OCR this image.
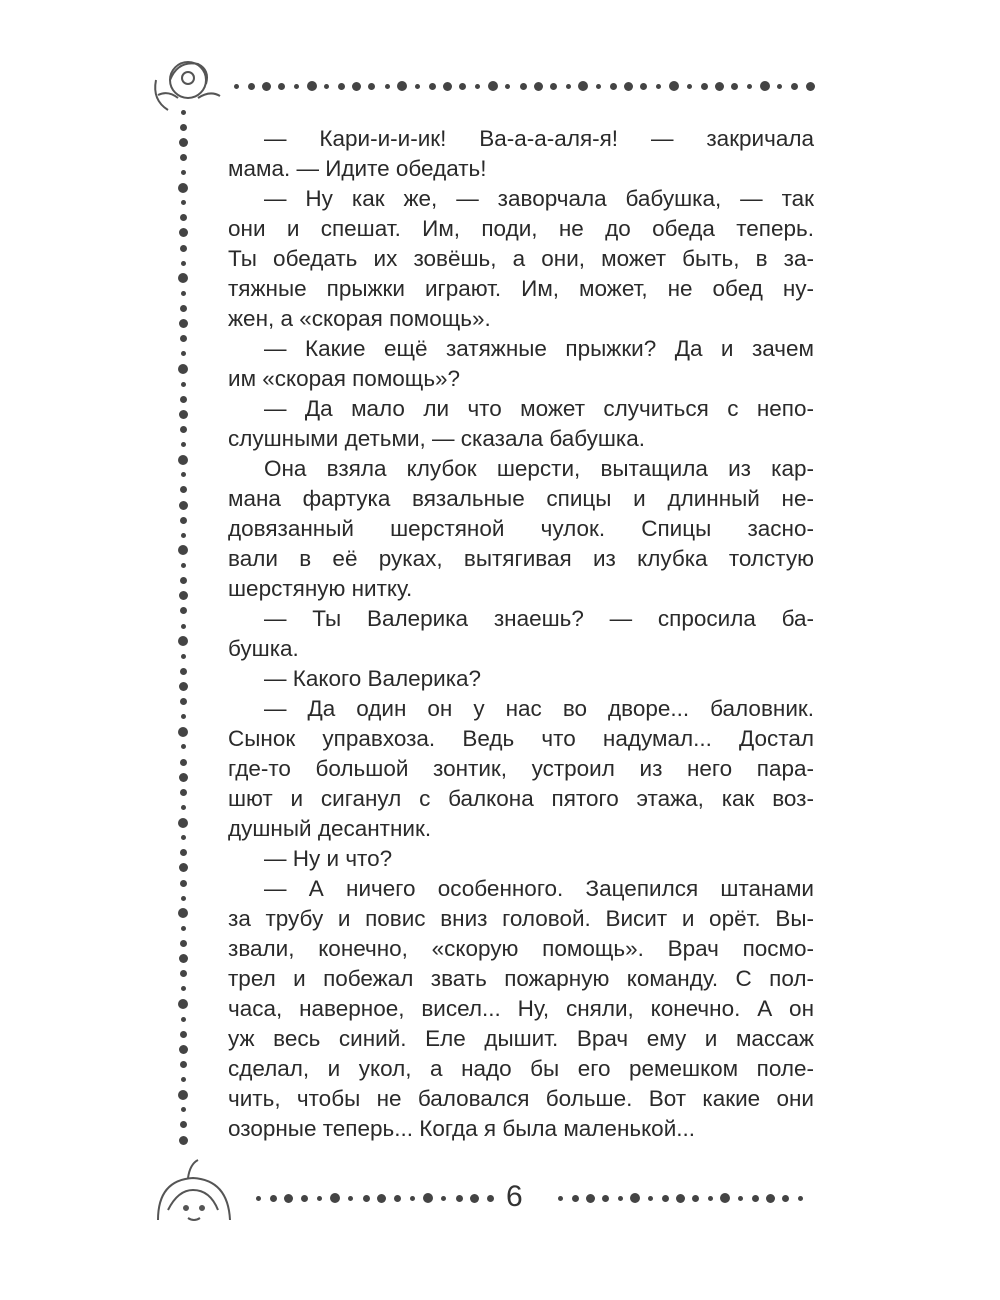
— Кари-и-и-ик! Ва-а-а-аля-я! — закричала
мама. — Идите обедать!
— Ну как же, — заворчала бабушка, — так
они и спешат. Им, поди, не до обеда теперь.
Ты обедать их зовёшь, а они, может быть, в за-
тяжные прыжки играют. Им, может, не обед ну-
жен, а «скорая помощь».
— Какие ещё затяжные прыжки? Да и зачем
им «скорая помощь»?
— Да мало ли что может случиться с непо-
слушными детьми, — сказала бабушка.
Она взяла клубок шерсти, вытащила из кар-
мана фартука вязальные спицы и длинный не-
довязанный шерстяной чулок. Спицы засно-
вали в её руках, вытягивая из клубка толстую
шерстяную нитку.
— Ты Валерика знаешь? — спросила ба-
бушка.
— Какого Валерика?
— Да один он у нас во дворе... баловник.
Сынок управхоза. Ведь что надумал... Достал
где-то большой зонтик, устроил из него пара-
шют и сиганул с балкона пятого этажа, как воз-
душный десантник.
— Ну и что?
— А ничего особенного. Зацепился штанами
за трубу и повис вниз головой. Висит и орёт. Вы-
звали, конечно, «скорую помощь». Врач посмо-
трел и побежал звать пожарную команду. С пол-
часа, наверное, висел... Ну, сняли, конечно. А он
уж весь синий. Еле дышит. Врач ему и массаж
сделал, и укол, а надо бы его ремешком поле-
чить, чтобы не баловался больше. Вот какие они
озорные теперь... Когда я была маленькой...
6
